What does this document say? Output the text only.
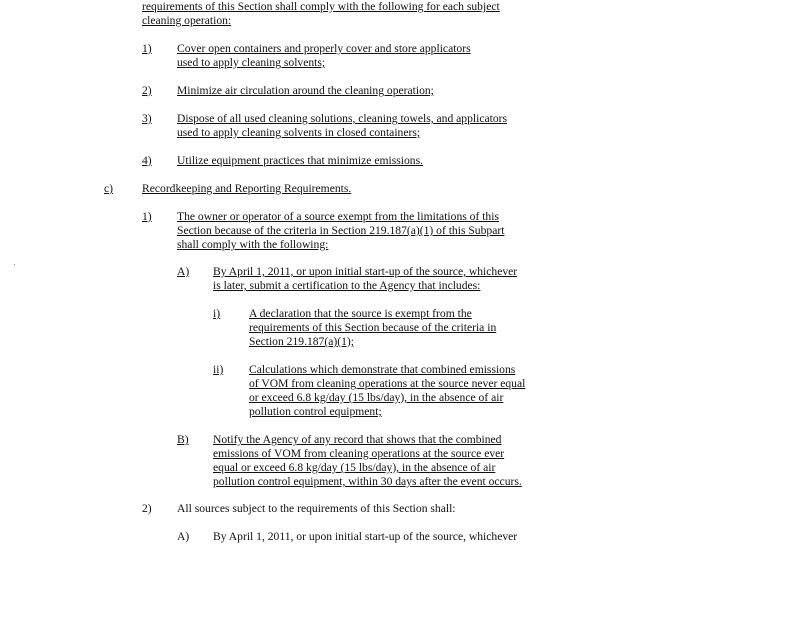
requirements of this Section shall comply with the following for each subject
cleaning operation:
1) Cover open containers and properly cover and store applicators
used to apply cleaning solvents;
2) Minimize air circulation around the cleaning operation;
3) Dispose of all used cleaning solutions, cleaning towels, and applicators
used to apply cleaning solvents in closed containers;
4) Utilize equipment practices that minimize emissions.
c) Recordkeeping and Reporting Requirements.
1) The owner or operator of a source exempt from the limitations of this
Section because of the criteria in Section 219.187(a)(1) of this Subpart
shall comply with the following:
A) By April 1, 2011, or upon initial start-up of the source, whichever
is later, submit a certification to the Agency that includes:
i) A declaration that the source is exempt from the
requirements of this Section because of the criteria in
Section 219.187(a)(1);
ii) Calculations which demonstrate that combined emissions
of VOM from cleaning operations at the source never equal
or exceed 6.8 kg/day (15 lbs/day), in the absence of air
pollution control equipment;
B) Notify the Agency of any record that shows that the combined
emissions of VOM from cleaning operations at the source ever
equal or exceed 6.8 kg/day (15 lbs/day), in the absence of air
pollution control equipment, within 30 days after the event occurs.
2) All sources subject to the requirements of this Section shall:
A) By April 1, 2011, or upon initial start-up of the source, whichever
